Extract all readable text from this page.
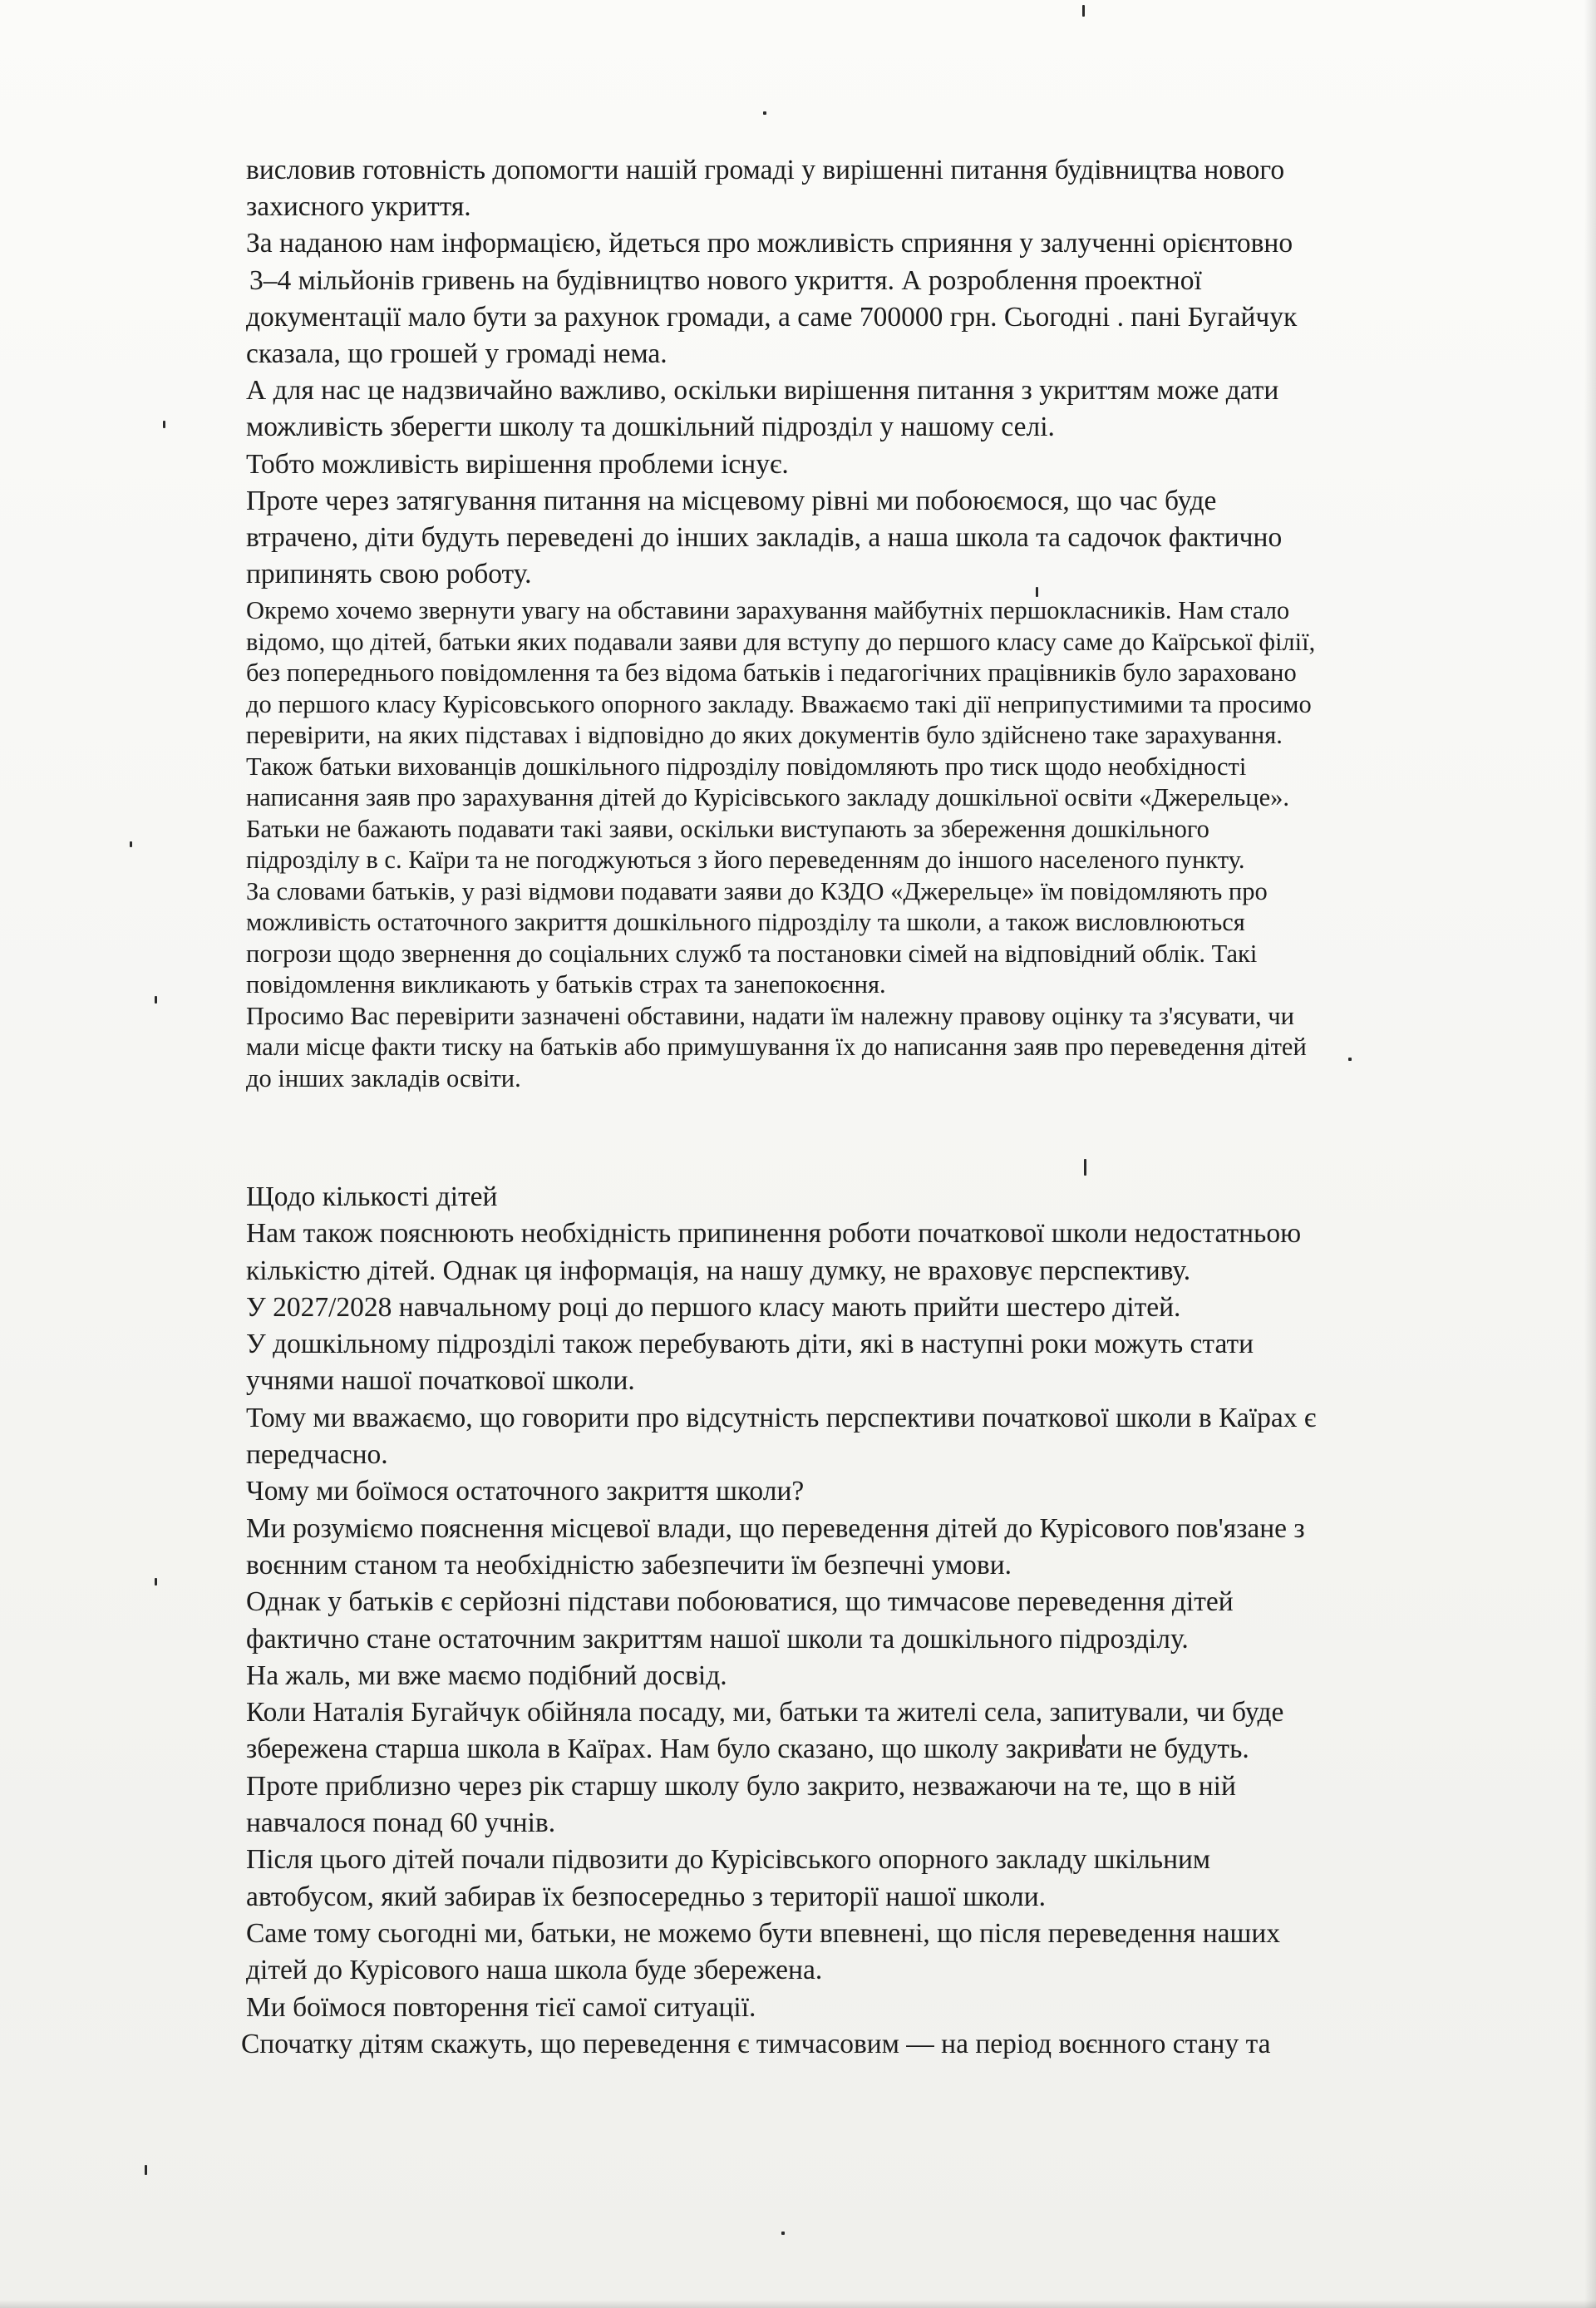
висловив готовність допомогти нашій громаді у вирішенні питання будівництва нового
захисного укриття.
За наданою нам інформацією, йдеться про можливість сприяння у залученні орієнтовно
3–4 мільйонів гривень на будівництво нового укриття. А розроблення проектної
документації мало бути за рахунок громади, а саме 700000 грн. Сьогодні . пані Бугайчук
сказала, що грошей у громаді нема.
А для нас це надзвичайно важливо, оскільки вирішення питання з укриттям може дати
можливість зберегти школу та дошкільний підрозділ у нашому селі.
Тобто можливість вирішення проблеми існує.
Проте через затягування питання на місцевому рівні ми побоюємося, що час буде
втрачено, діти будуть переведені до інших закладів, а наша школа та садочок фактично
припинять свою роботу.
Окремо хочемо звернути увагу на обставини зарахування майбутніх першокласників. Нам стало
відомо, що дітей, батьки яких подавали заяви для вступу до першого класу саме до Каїрської філії,
без попереднього повідомлення та без відома батьків і педагогічних працівників було зараховано
до першого класу Курісовського опорного закладу. Вважаємо такі дії неприпустимими та просимо
перевірити, на яких підставах і відповідно до яких документів було здійснено таке зарахування.
Також батьки вихованців дошкільного підрозділу повідомляють про тиск щодо необхідності
написання заяв про зарахування дітей до Курісівського закладу дошкільної освіти «Джерельце».
Батьки не бажають подавати такі заяви, оскільки виступають за збереження дошкільного
підрозділу в с. Каїри та не погоджуються з його переведенням до іншого населеного пункту.
За словами батьків, у разі відмови подавати заяви до КЗДО «Джерельце» їм повідомляють про
можливість остаточного закриття дошкільного підрозділу та школи, а також висловлюються
погрози щодо звернення до соціальних служб та постановки сімей на відповідний облік. Такі
повідомлення викликають у батьків страх та занепокоєння.
Просимо Вас перевірити зазначені обставини, надати їм належну правову оцінку та з'ясувати, чи
мали місце факти тиску на батьків або примушування їх до написання заяв про переведення дітей
до інших закладів освіти.
Щодо кількості дітей
Нам також пояснюють необхідність припинення роботи початкової школи недостатньою
кількістю дітей. Однак ця інформація, на нашу думку, не враховує перспективу.
У 2027/2028 навчальному році до першого класу мають прийти шестеро дітей.
У дошкільному підрозділі також перебувають діти, які в наступні роки можуть стати
учнями нашої початкової школи.
Тому ми вважаємо, що говорити про відсутність перспективи початкової школи в Каїрах є
передчасно.
Чому ми боїмося остаточного закриття школи?
Ми розуміємо пояснення місцевої влади, що переведення дітей до Курісового пов'язане з
воєнним станом та необхідністю забезпечити їм безпечні умови.
Однак у батьків є серйозні підстави побоюватися, що тимчасове переведення дітей
фактично стане остаточним закриттям нашої школи та дошкільного підрозділу.
На жаль, ми вже маємо подібний досвід.
Коли Наталія Бугайчук обійняла посаду, ми, батьки та жителі села, запитували, чи буде
збережена старша школа в Каїрах. Нам було сказано, що школу закривати не будуть.
Проте приблизно через рік старшу школу було закрито, незважаючи на те, що в ній
навчалося понад 60 учнів.
Після цього дітей почали підвозити до Курісівського опорного закладу шкільним
автобусом, який забирав їх безпосередньо з території нашої школи.
Саме тому сьогодні ми, батьки, не можемо бути впевнені, що після переведення наших
дітей до Курісового наша школа буде збережена.
Ми боїмося повторення тієї самої ситуації.
Спочатку дітям скажуть, що переведення є тимчасовим — на період воєнного стану та
